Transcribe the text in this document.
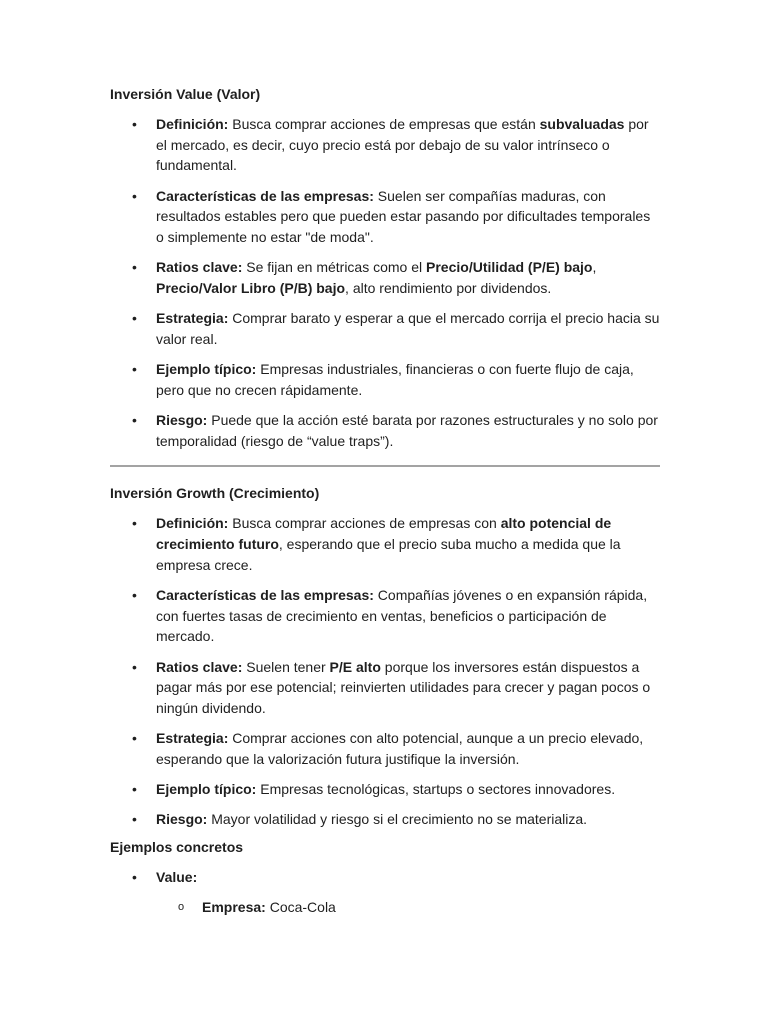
Inversión Value (Valor)
• Definición: Busca comprar acciones de empresas que están subvaluadas por el mercado, es decir, cuyo precio está por debajo de su valor intrínseco o fundamental.
• Características de las empresas: Suelen ser compañías maduras, con resultados estables pero que pueden estar pasando por dificultades temporales o simplemente no estar "de moda".
• Ratios clave: Se fijan en métricas como el Precio/Utilidad (P/E) bajo, Precio/Valor Libro (P/B) bajo, alto rendimiento por dividendos.
• Estrategia: Comprar barato y esperar a que el mercado corrija el precio hacia su valor real.
• Ejemplo típico: Empresas industriales, financieras o con fuerte flujo de caja, pero que no crecen rápidamente.
• Riesgo: Puede que la acción esté barata por razones estructurales y no solo por temporalidad (riesgo de “value traps”).
Inversión Growth (Crecimiento)
• Definición: Busca comprar acciones de empresas con alto potencial de crecimiento futuro, esperando que el precio suba mucho a medida que la empresa crece.
• Características de las empresas: Compañías jóvenes o en expansión rápida, con fuertes tasas de crecimiento en ventas, beneficios o participación de mercado.
• Ratios clave: Suelen tener P/E alto porque los inversores están dispuestos a pagar más por ese potencial; reinvierten utilidades para crecer y pagan pocos o ningún dividendo.
• Estrategia: Comprar acciones con alto potencial, aunque a un precio elevado, esperando que la valorización futura justifique la inversión.
• Ejemplo típico: Empresas tecnológicas, startups o sectores innovadores.
• Riesgo: Mayor volatilidad y riesgo si el crecimiento no se materializa.
Ejemplos concretos
• Value:
o Empresa: Coca-Cola
